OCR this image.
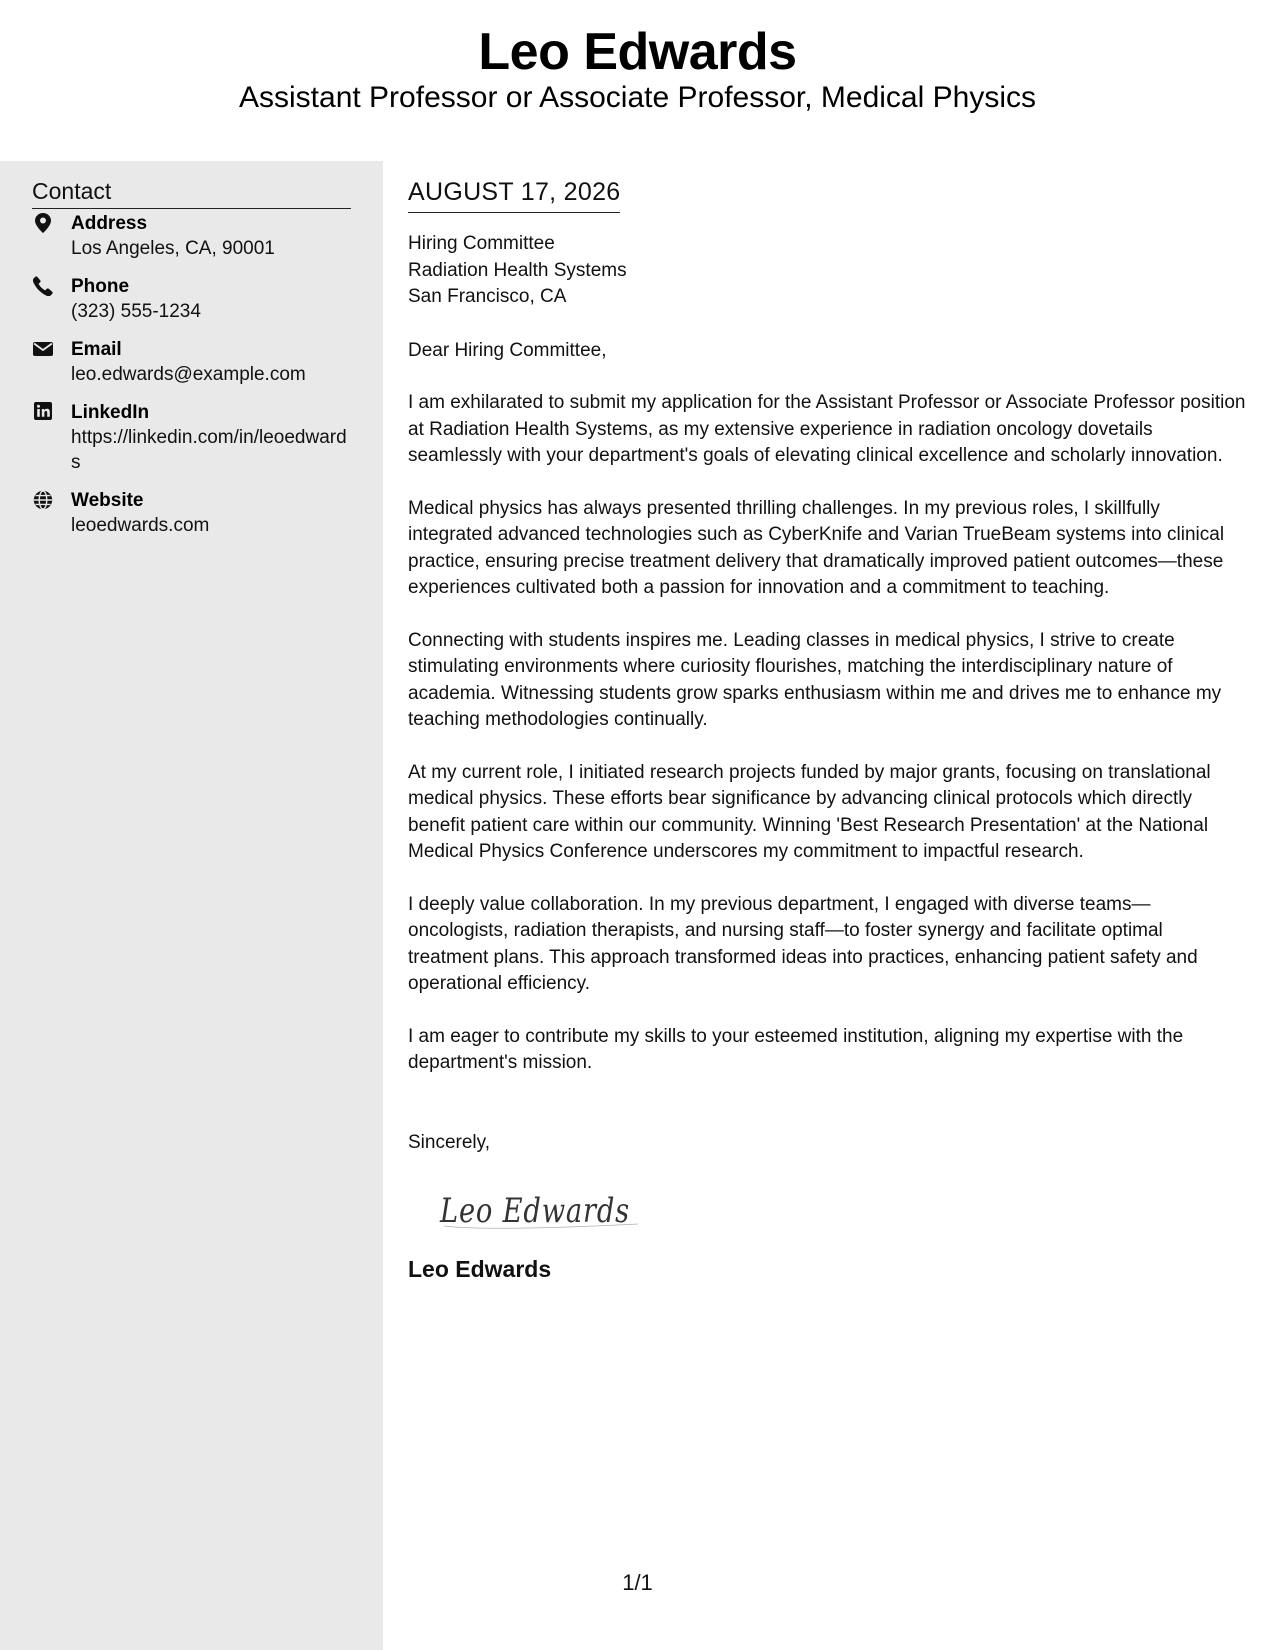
Leo Edwards
Assistant Professor or Associate Professor, Medical Physics
Contact
Address
Los Angeles, CA, 90001
Phone
(323) 555-1234
Email
leo.edwards@example.com
LinkedIn
https://linkedin.com/in/leoedwards
Website
leoedwards.com
AUGUST 17, 2026
Hiring Committee
Radiation Health Systems
San Francisco, CA
Dear Hiring Committee,
I am exhilarated to submit my application for the Assistant Professor or Associate Professor position at Radiation Health Systems, as my extensive experience in radiation oncology dovetails seamlessly with your department's goals of elevating clinical excellence and scholarly innovation.
Medical physics has always presented thrilling challenges. In my previous roles, I skillfully integrated advanced technologies such as CyberKnife and Varian TrueBeam systems into clinical practice, ensuring precise treatment delivery that dramatically improved patient outcomes—these experiences cultivated both a passion for innovation and a commitment to teaching.
Connecting with students inspires me. Leading classes in medical physics, I strive to create stimulating environments where curiosity flourishes, matching the interdisciplinary nature of academia. Witnessing students grow sparks enthusiasm within me and drives me to enhance my teaching methodologies continually.
At my current role, I initiated research projects funded by major grants, focusing on translational medical physics. These efforts bear significance by advancing clinical protocols which directly benefit patient care within our community. Winning 'Best Research Presentation' at the National Medical Physics Conference underscores my commitment to impactful research.
I deeply value collaboration. In my previous department, I engaged with diverse teams—oncologists, radiation therapists, and nursing staff—to foster synergy and facilitate optimal treatment plans. This approach transformed ideas into practices, enhancing patient safety and operational efficiency.
I am eager to contribute my skills to your esteemed institution, aligning my expertise with the department's mission.
Sincerely,
Leo Edwards
Leo Edwards
1/1
